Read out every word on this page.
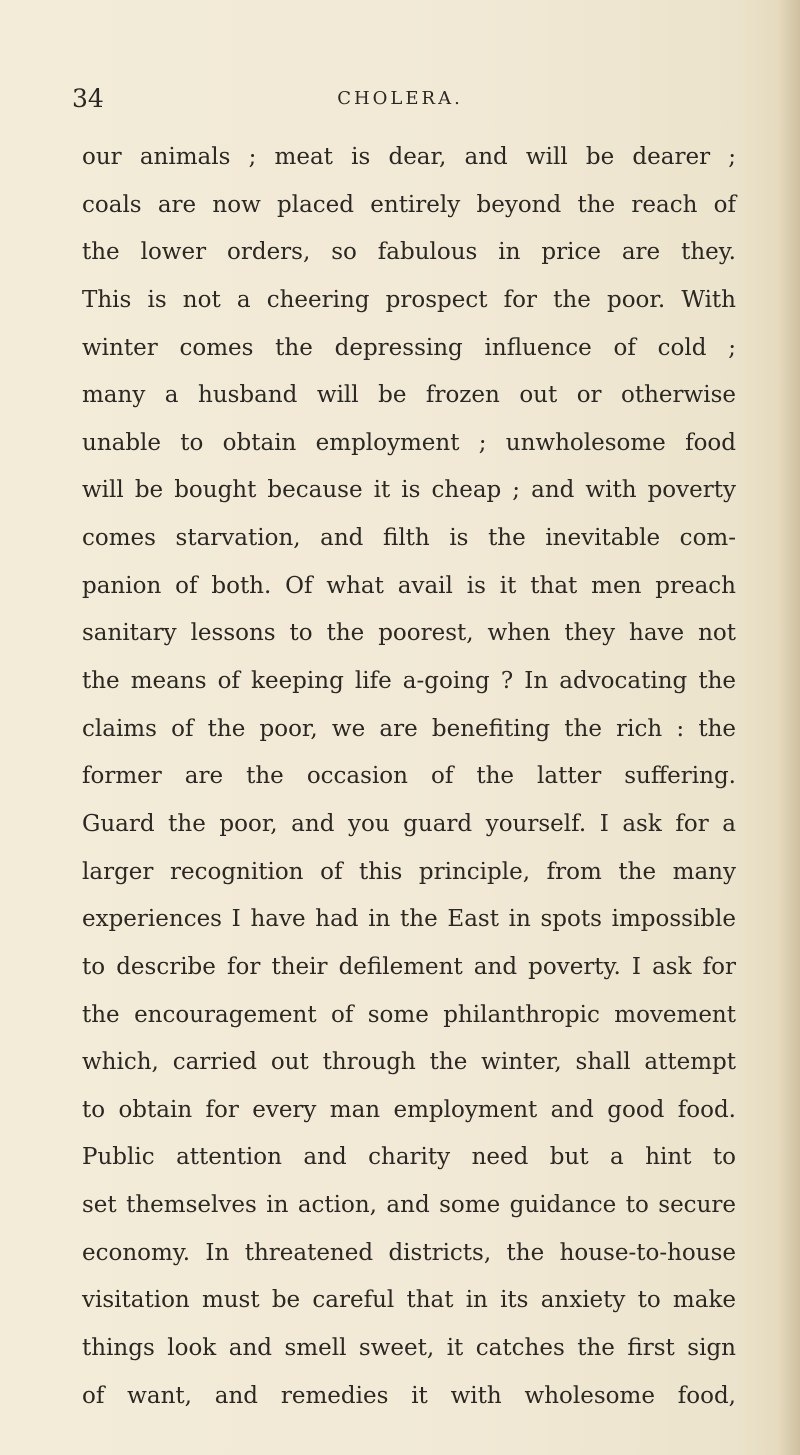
34	CHOLERA.
our animals ; meat is dear, and will be dearer ;
coals are now placed entirely beyond the reach of
the lower orders, so fabulous in price are they.
This is not a cheering prospect for the poor. With
winter comes the depressing influence of cold ;
many a husband will be frozen out or otherwise
unable to obtain employment ; unwholesome food
will be bought because it is cheap ; and with poverty
comes starvation, and filth is the inevitable com-
panion of both. Of what avail is it that men preach
sanitary lessons to the poorest, when they have not
the means of keeping life a-going ? In advocating the
claims of the poor, we are benefiting the rich : the
former are the occasion of the latter suffering.
Guard the poor, and you guard yourself. I ask for a
larger recognition of this principle, from the many
experiences I have had in the East in spots impossible
to describe for their defilement and poverty. I ask for
the encouragement of some philanthropic movement
which, carried out through the winter, shall attempt
to obtain for every man employment and good food.
Public attention and charity need but a hint to
set themselves in action, and some guidance to secure
economy. In threatened districts, the house-to-house
visitation must be careful that in its anxiety to make
things look and smell sweet, it catches the first sign
of want, and remedies it with wholesome food,
